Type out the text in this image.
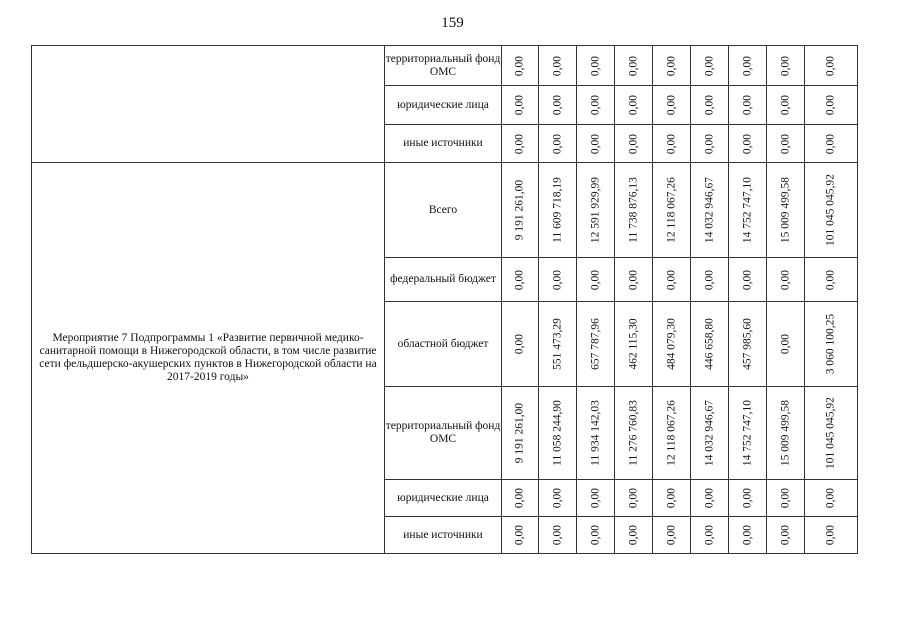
159
	территориальный фонд ОМС	0,00	0,00	0,00	0,00	0,00	0,00	0,00	0,00	0,00

	юридические лица	0,00	0,00	0,00	0,00	0,00	0,00	0,00	0,00	0,00

	иные источники	0,00	0,00	0,00	0,00	0,00	0,00	0,00	0,00	0,00

Мероприятие 7 Подпрограммы 1 «Развитие первичной медико-санитарной помощи в Нижегородской области, в том числе развитие сети фельдшерско-акушерских пунктов в Нижегородской области на 2017-2019 годы»	Всего	9 191 261,00	11 609 718,19	12 591 929,99	11 738 876,13	12 118 067,26	14 032 946,67	14 752 747,10	15 009 499,58	101 045 045,92

	федеральный бюджет	0,00	0,00	0,00	0,00	0,00	0,00	0,00	0,00	0,00

	областной бюджет	0,00	551 473,29	657 787,96	462 115,30	484 079,30	446 658,80	457 985,60	0,00	3 060 100,25

	территориальный фонд ОМС	9 191 261,00	11 058 244,90	11 934 142,03	11 276 760,83	12 118 067,26	14 032 946,67	14 752 747,10	15 009 499,58	101 045 045,92

	юридические лица	0,00	0,00	0,00	0,00	0,00	0,00	0,00	0,00	0,00

	иные источники	0,00	0,00	0,00	0,00	0,00	0,00	0,00	0,00	0,00
